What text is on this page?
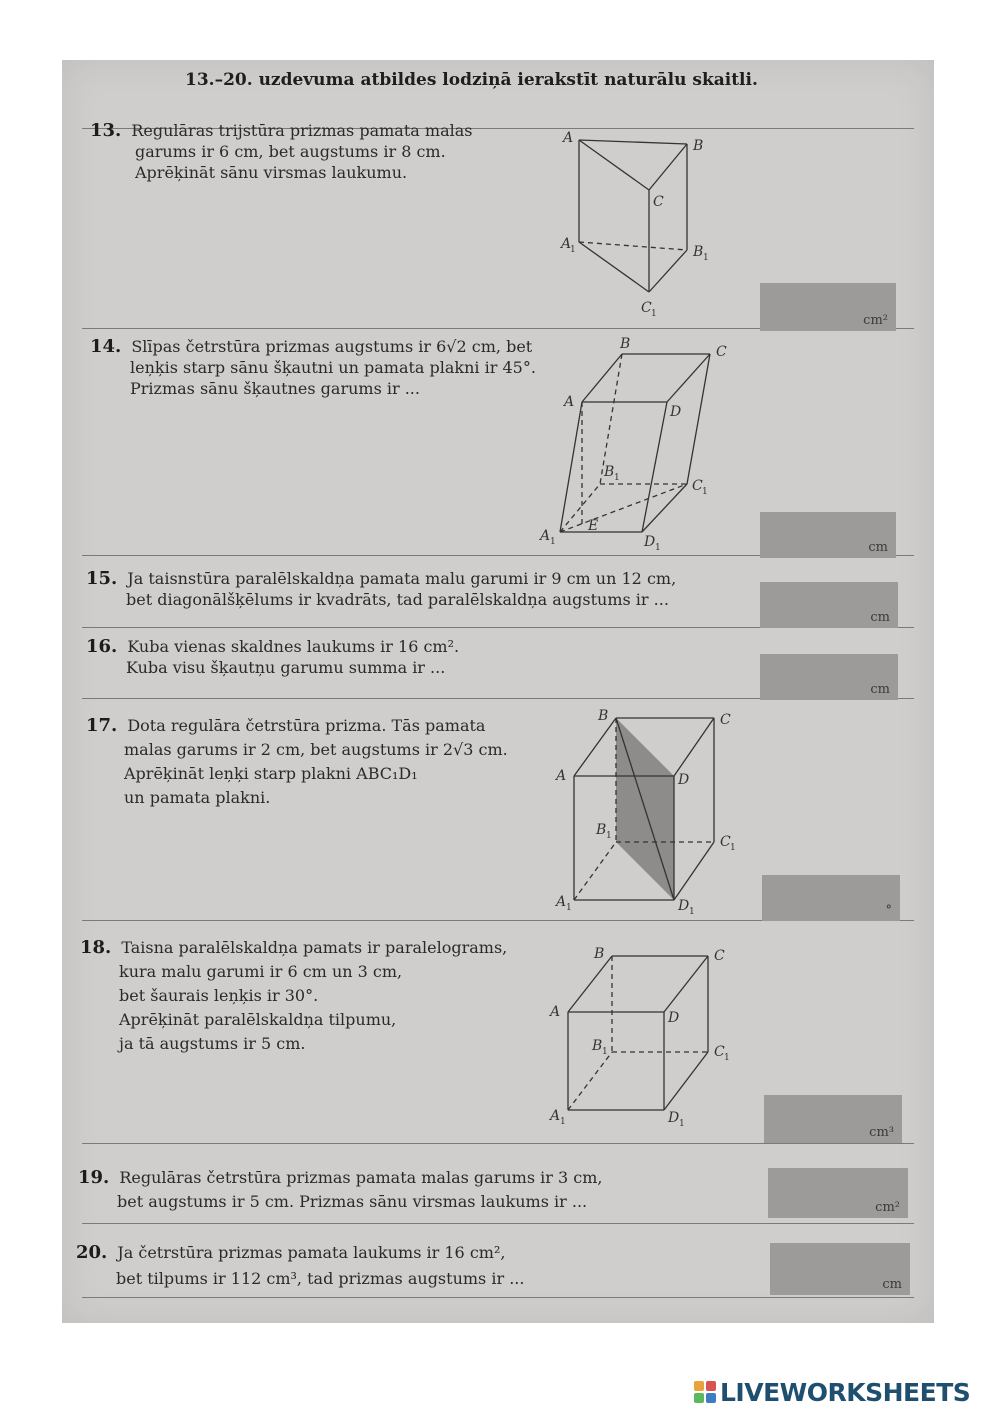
13.–20. uzdevuma atbildes lodziņā ierakstīt naturālu skaitli.
13. Regulāras trijstūra prizmas pamata malas
garums ir 6 cm, bet augstums ir 8 cm.
Aprēķināt sānu virsmas laukumu.
cm²
A	B
C
A
1	B 1
C 1
14. Slīpas četrstūra prizmas augstums ir 6√2 cm, bet
leņķis starp sānu šķautni un pamata plakni ir 45°.
Prizmas sānu šķautnes garums ir ...
cm
B	C
A
D
B 1	C 1
A 1
E
D 1
15. Ja taisnstūra paralēlskaldņa pamata malu garumi ir 9 cm un 12 cm,
bet diagonālšķēlums ir kvadrāts, tad paralēlskaldņa augstums ir ...
cm
16. Kuba vienas skaldnes laukums ir 16 cm².
Kuba visu šķautņu garumu summa ir ...
cm
17. Dota regulāra četrstūra prizma. Tās pamata
malas garums ir 2 cm, bet augstums ir 2√3 cm.
Aprēķināt leņķi starp plakni ABC₁D₁
un pamata plakni.
°
B	C
A	D
B 1	C 1
A 1	D 1
18. Taisna paralēlskaldņa pamats ir paralelograms,
kura malu garumi ir 6 cm un 3 cm,
bet šaurais leņķis ir 30°.
Aprēķināt paralēlskaldņa tilpumu,
ja tā augstums ir 5 cm.
cm³
B	C
A	D
B 1	C 1
A 1	D 1
19. Regulāras četrstūra prizmas pamata malas garums ir 3 cm,
bet augstums ir 5 cm. Prizmas sānu virsmas laukums ir ...	cm²
20. Ja četrstūra prizmas pamata laukums ir 16 cm²,
bet tilpums ir 112 cm³, tad prizmas augstums ir ...	cm
LIVEWORKSHEETS
